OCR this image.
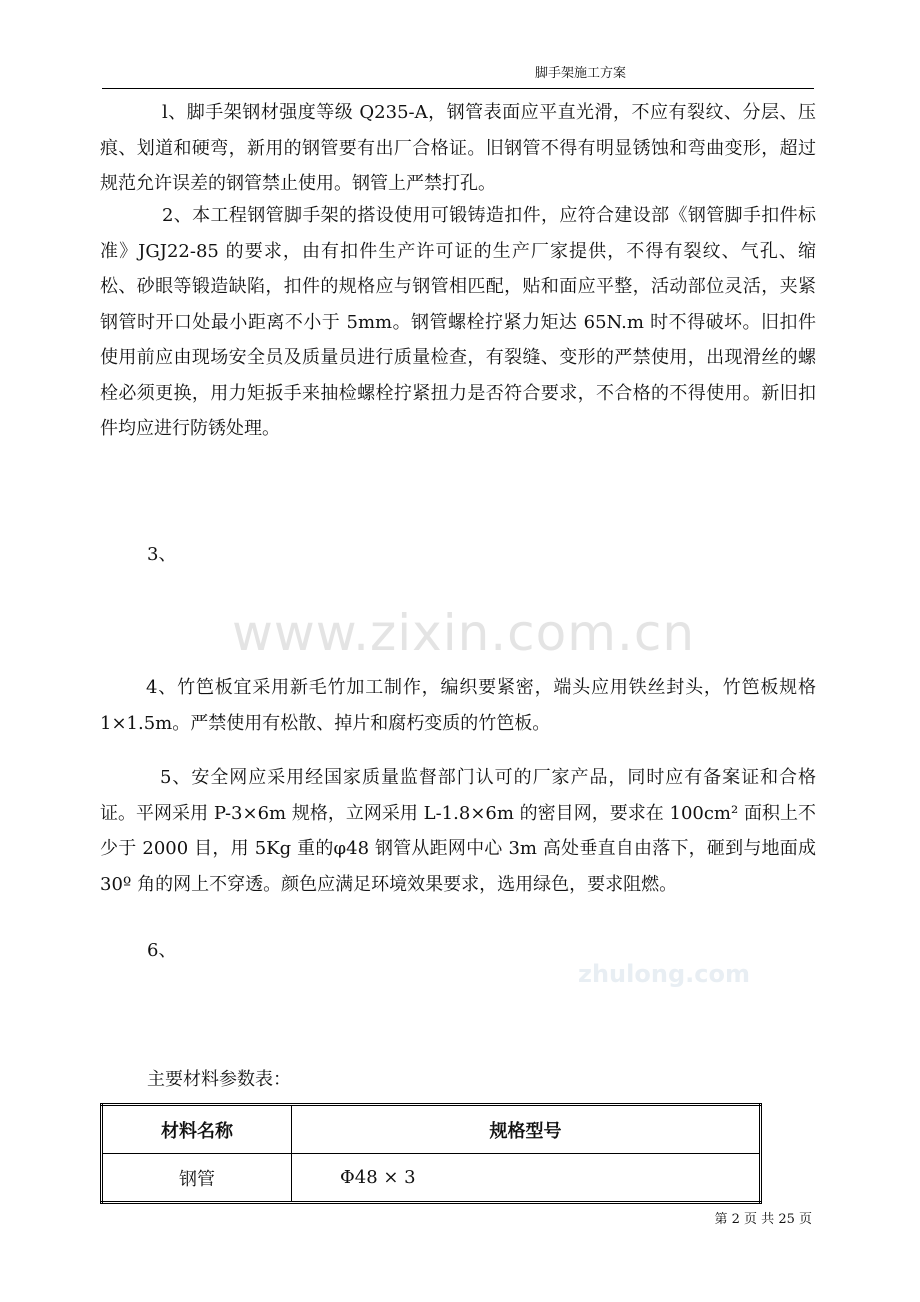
脚手架施工方案
www.zixin.com.cn
zhulong.com
l、脚手架钢材强度等级 Q235-A，钢管表面应平直光滑，不应有裂纹、分层、压痕、划道和硬弯，新用的钢管要有出厂合格证。旧钢管不得有明显锈蚀和弯曲变形，超过规范允许误差的钢管禁止使用。钢管上严禁打孔。
2、本工程钢管脚手架的搭设使用可锻铸造扣件，应符合建设部《钢管脚手扣件标准》JGJ22-85 的要求，由有扣件生产许可证的生产厂家提供，不得有裂纹、气孔、缩松、砂眼等锻造缺陷，扣件的规格应与钢管相匹配，贴和面应平整，活动部位灵活，夹紧钢管时开口处最小距离不小于 5mm。钢管螺栓拧紧力矩达 65N.m 时不得破坏。旧扣件使用前应由现场安全员及质量员进行质量检查，有裂缝、变形的严禁使用，出现滑丝的螺栓必须更换，用力矩扳手来抽检螺栓拧紧扭力是否符合要求，不合格的不得使用。新旧扣件均应进行防锈处理。
3、
4、竹笆板宜采用新毛竹加工制作，编织要紧密，端头应用铁丝封头，竹笆板规格 1×1.5m。严禁使用有松散、掉片和腐朽变质的竹笆板。
5、安全网应采用经国家质量监督部门认可的厂家产品，同时应有备案证和合格证。平网采用 P-3×6m 规格，立网采用 L-1.8×6m 的密目网，要求在 100cm² 面积上不少于 2000 目，用 5Kg 重的φ48 钢管从距网中心 3m 高处垂直自由落下，砸到与地面成 30º 角的网上不穿透。颜色应满足环境效果要求，选用绿色，要求阻燃。
6、
主要材料参数表：
材料名称	规格型号
钢管	Φ48 × 3
第 2 页 共 25 页
